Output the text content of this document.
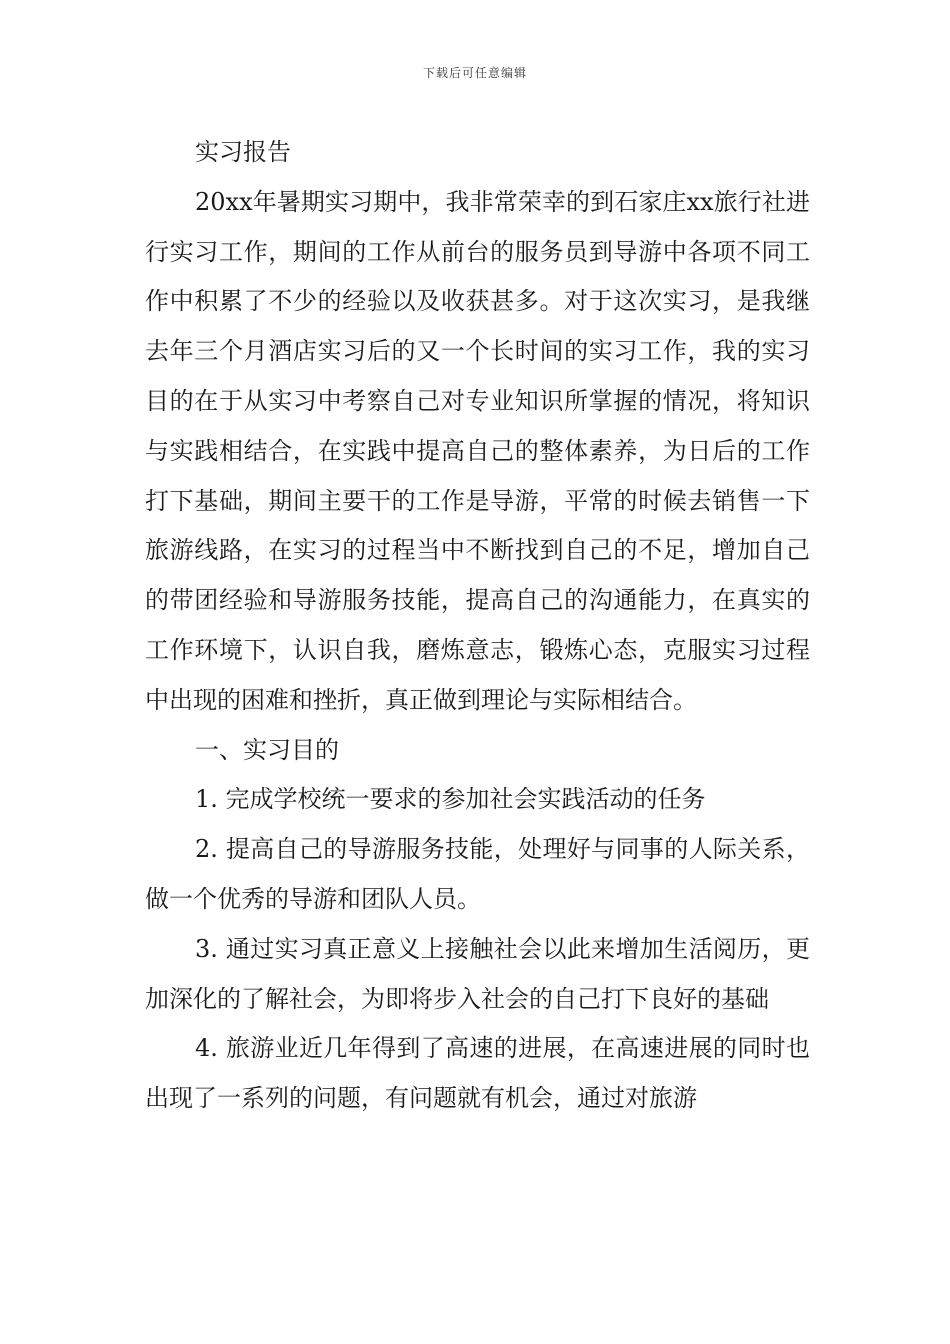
下载后可任意编辑

实习报告

20xx年暑期实习期中，我非常荣幸的到石家庄xx旅行社进行实习工作，期间的工作从前台的服务员到导游中各项不同工作中积累了不少的经验以及收获甚多。对于这次实习，是我继去年三个月酒店实习后的又一个长时间的实习工作，我的实习目的在于从实习中考察自己对专业知识所掌握的情况，将知识与实践相结合，在实践中提高自己的整体素养，为日后的工作打下基础，期间主要干的工作是导游，平常的时候去销售一下旅游线路，在实习的过程当中不断找到自己的不足，增加自己的带团经验和导游服务技能，提高自己的沟通能力，在真实的工作环境下，认识自我，磨炼意志，锻炼心态，克服实习过程中出现的困难和挫折，真正做到理论与实际相结合。

一、实习目的

1. 完成学校统一要求的参加社会实践活动的任务

2. 提高自己的导游服务技能，处理好与同事的人际关系，做一个优秀的导游和团队人员。

3. 通过实习真正意义上接触社会以此来增加生活阅历，更加深化的了解社会，为即将步入社会的自己打下良好的基础

4. 旅游业近几年得到了高速的进展，在高速进展的同时也出现了一系列的问题，有问题就有机会，通过对旅游
